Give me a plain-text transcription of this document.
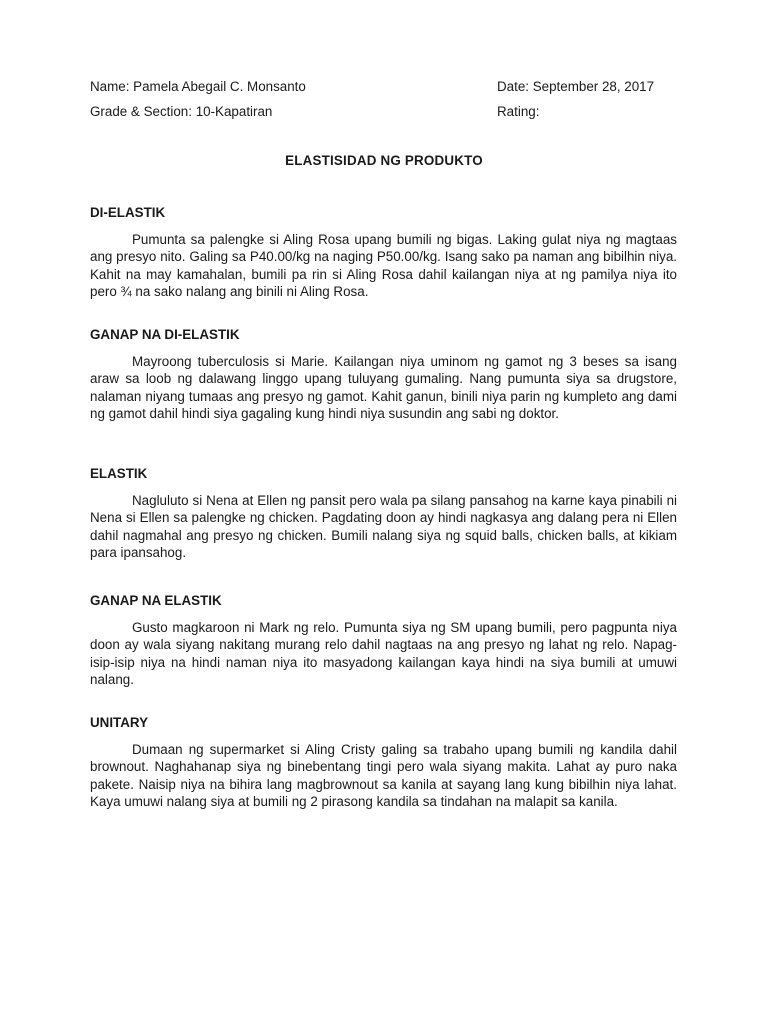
Name: Pamela Abegail C. Monsanto	Date: September 28, 2017
Grade & Section: 10-Kapatiran	Rating:
ELASTISIDAD NG PRODUKTO
DI-ELASTIK

Pumunta sa palengke si Aling Rosa upang bumili ng bigas. Laking gulat niya ng magtaas ang presyo nito. Galing sa P40.00/kg na naging P50.00/kg. Isang sako pa naman ang bibilhin niya. Kahit na may kamahalan, bumili pa rin si Aling Rosa dahil kailangan niya at ng pamilya niya ito pero ¾ na sako nalang ang binili ni Aling Rosa.

GANAP NA DI-ELASTIK

Mayroong tuberculosis si Marie. Kailangan niya uminom ng gamot ng 3 beses sa isang araw sa loob ng dalawang linggo upang tuluyang gumaling. Nang pumunta siya sa drugstore, nalaman niyang tumaas ang presyo ng gamot. Kahit ganun, binili niya parin ng kumpleto ang dami ng gamot dahil hindi siya gagaling kung hindi niya susundin ang sabi ng doktor.

ELASTIK

Nagluluto si Nena at Ellen ng pansit pero wala pa silang pansahog na karne kaya pinabili ni Nena si Ellen sa palengke ng chicken. Pagdating doon ay hindi nagkasya ang dalang pera ni Ellen dahil nagmahal ang presyo ng chicken. Bumili nalang siya ng squid balls, chicken balls, at kikiam para ipansahog.

GANAP NA ELASTIK

Gusto magkaroon ni Mark ng relo. Pumunta siya ng SM upang bumili, pero pagpunta niya doon ay wala siyang nakitang murang relo dahil nagtaas na ang presyo ng lahat ng relo. Napag-isip-isip niya na hindi naman niya ito masyadong kailangan kaya hindi na siya bumili at umuwi nalang.

UNITARY

Dumaan ng supermarket si Aling Cristy galing sa trabaho upang bumili ng kandila dahil brownout. Naghahanap siya ng binebentang tingi pero wala siyang makita. Lahat ay puro naka pakete. Naisip niya na bihira lang magbrownout sa kanila at sayang lang kung bibilhin niya lahat. Kaya umuwi nalang siya at bumili ng 2 pirasong kandila sa tindahan na malapit sa kanila.
